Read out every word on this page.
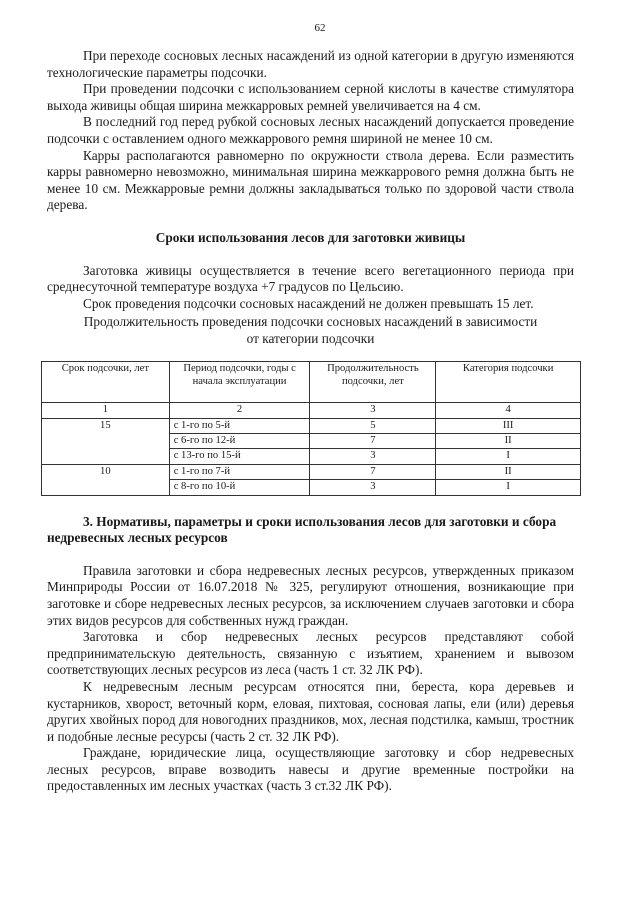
62

При переходе сосновых лесных насаждений из одной категории в другую изменяются технологические параметры подсочки.

При проведении подсочки с использованием серной кислоты в качестве стимулятора выхода живицы общая ширина межкарровых ремней увеличивается на 4 см.

В последний год перед рубкой сосновых лесных насаждений допускается проведение подсочки с оставлением одного межкаррового ремня шириной не менее 10 см.

Карры располагаются равномерно по окружности ствола дерева. Если разместить карры равномерно невозможно, минимальная ширина межкаррового ремня должна быть не менее 10 см. Межкарровые ремни должны закладываться только по здоровой части ствола дерева.

Сроки использования лесов для заготовки живицы

Заготовка живицы осуществляется в течение всего вегетационного периода при среднесуточной температуре воздуха +7 градусов по Цельсию.

Срок проведения подсочки сосновых насаждений не должен превышать 15 лет.

Продолжительность проведения подсочки сосновых насаждений в зависимости от категории подсочки
Срок подсочки, лет	Период подсочки, годы с начала эксплуатации	Продолжительность подсочки, лет	Категория подсочки
1	2	3	4
15	с 1-го по 5-й	5	III
	с 6-го по 12-й	7	II
	с 13-го по 15-й	3	I
10	с 1-го по 7-й	7	II
	с 8-го по 10-й	3	I
3. Нормативы, параметры и сроки использования лесов для заготовки и сбора недревесных лесных ресурсов

Правила заготовки и сбора недревесных лесных ресурсов, утвержденных приказом Минприроды России от 16.07.2018 № 325, регулируют отношения, возникающие при заготовке и сборе недревесных лесных ресурсов, за исключением случаев заготовки и сбора этих видов ресурсов для собственных нужд граждан.

Заготовка и сбор недревесных лесных ресурсов представляют собой предпринимательскую деятельность, связанную с изъятием, хранением и вывозом соответствующих лесных ресурсов из леса (часть 1 ст. 32 ЛК РФ).

К недревесным лесным ресурсам относятся пни, береста, кора деревьев и кустарников, хворост, веточный корм, еловая, пихтовая, сосновая лапы, ели (или) деревья других хвойных пород для новогодних праздников, мох, лесная подстилка, камыш, тростник и подобные лесные ресурсы (часть 2 ст. 32 ЛК РФ).

Граждане, юридические лица, осуществляющие заготовку и сбор недревесных лесных ресурсов, вправе возводить навесы и другие временные постройки на предоставленных им лесных участках (часть 3 ст.32 ЛК РФ).
